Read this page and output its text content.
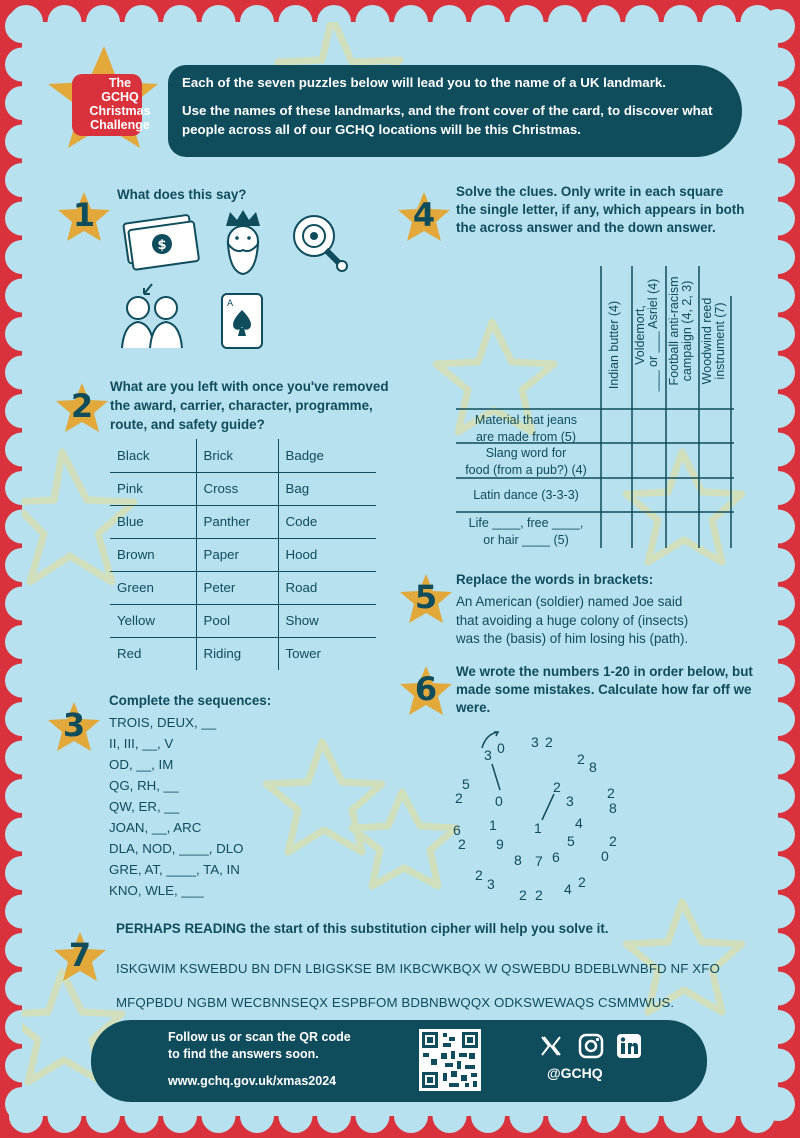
The
GCHQ
Christmas
Challenge

Each of the seven puzzles below will lead you to the name of a UK landmark.

Use the names of these landmarks, and the front cover of the card, to discover what people across all of our GCHQ locations will be this Christmas.

1
What does this say?
$
A
2
What are you left with once you've removed the award, carrier, character, programme, route, and safety guide?
Black	Brick	Badge
Pink	Cross	Bag
Blue	Panther	Code
Brown	Paper	Hood
Green	Peter	Road
Yellow	Pool	Show
Red	Riding	Tower
3
Complete the sequences:
TROIS, DEUX, __
II, III, __, V
OD, __, IM
QG, RH, __
QW, ER, __
JOAN, __, ARC
DLA, NOD, ____, DLO
GRE, AT, ____, TA, IN
KNO, WLE, ___
4
Solve the clues. Only write in each square the single letter, if any, which appears in both the across answer and the down answer.
Indian butter (4) Voldemort, ___ or ___ Asriel (4) Football anti-racism campaign (4, 2, 3) Woodwind reed instrument (7)
Material that jeans
are made from (5)
Slang word for
food (from a pub?) (4)
Latin dance (3-3-3)
Life ____, free ____,
or hair ____ (5)
5	Replace the words in brackets:
An American (soldier) named Joe said
that avoiding a huge colony of (insects)
was the (basis) of him losing his (path).
6	We wrote the numbers 1-20 in order below, but made some mistakes. Calculate how far off we were.
3 0 3 2
2 8
5
2 0
2
3 2
8
6
2
1	1 4
5 2
0
9
8 7 6
2
3
2 2 4 2
7
PERHAPS READING the start of this substitution cipher will help you solve it.
ISKGWIM KSWEBDU BN DFN LBIGSKSE BM IKBCWKBQX W QSWEBDU BDEBLWNBFD NF XFO
MFQPBDU NGBM WECBNNSEQX ESPBFOM BDBNBWQQX ODKSWEWAQS CSMMWUS.
Follow us or scan the QR code
to find the answers soon.
www.gchq.gov.uk/xmas2024	@GCHQ
